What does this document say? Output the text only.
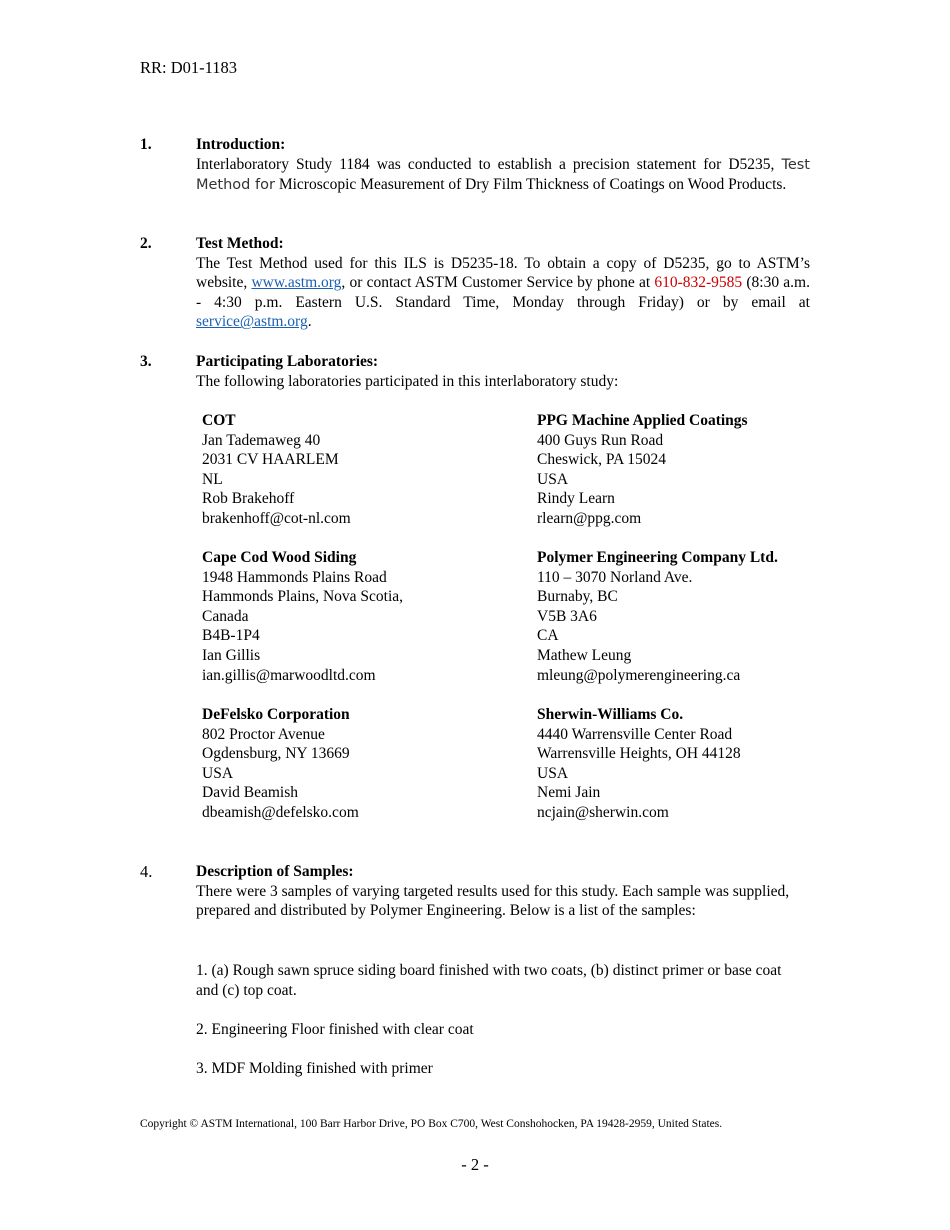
RR: D01-1183
1.	Introduction:
Interlaboratory Study 1184 was conducted to establish a precision statement for D5235, Test Method for Microscopic Measurement of Dry Film Thickness of Coatings on Wood Products.
2.	Test Method:
The Test Method used for this ILS is D5235-18. To obtain a copy of D5235, go to ASTM’s website, www.astm.org, or contact ASTM Customer Service by phone at 610-832-9585 (8:30 a.m. - 4:30 p.m. Eastern U.S. Standard Time, Monday through Friday) or by email at service@astm.org.
3.	Participating Laboratories:
The following laboratories participated in this interlaboratory study:
COT
Jan Tademaweg 40
2031 CV HAARLEM
NL
Rob Brakehoff
brakenhoff@cot-nl.com
PPG Machine Applied Coatings
400 Guys Run Road
Cheswick, PA 15024
USA
Rindy Learn
rlearn@ppg.com
Cape Cod Wood Siding
1948 Hammonds Plains Road
Hammonds Plains, Nova Scotia,
Canada
B4B-1P4
Ian Gillis
ian.gillis@marwoodltd.com
Polymer Engineering Company Ltd.
110 – 3070 Norland Ave.
Burnaby, BC
V5B 3A6
CA
Mathew Leung
mleung@polymerengineering.ca
DeFelsko Corporation
802 Proctor Avenue
Ogdensburg, NY 13669
USA
David Beamish
dbeamish@defelsko.com
Sherwin-Williams Co.
4440 Warrensville Center Road
Warrensville Heights, OH 44128
USA
Nemi Jain
ncjain@sherwin.com
4.	Description of Samples:
There were 3 samples of varying targeted results used for this study. Each sample was supplied, prepared and distributed by Polymer Engineering. Below is a list of the samples:
1. (a) Rough sawn spruce siding board finished with two coats, (b) distinct primer or base coat and (c) top coat.
2. Engineering Floor finished with clear coat
3. MDF Molding finished with primer
Copyright © ASTM International, 100 Barr Harbor Drive, PO Box C700, West Conshohocken, PA 19428-2959, United States.
- 2 -
